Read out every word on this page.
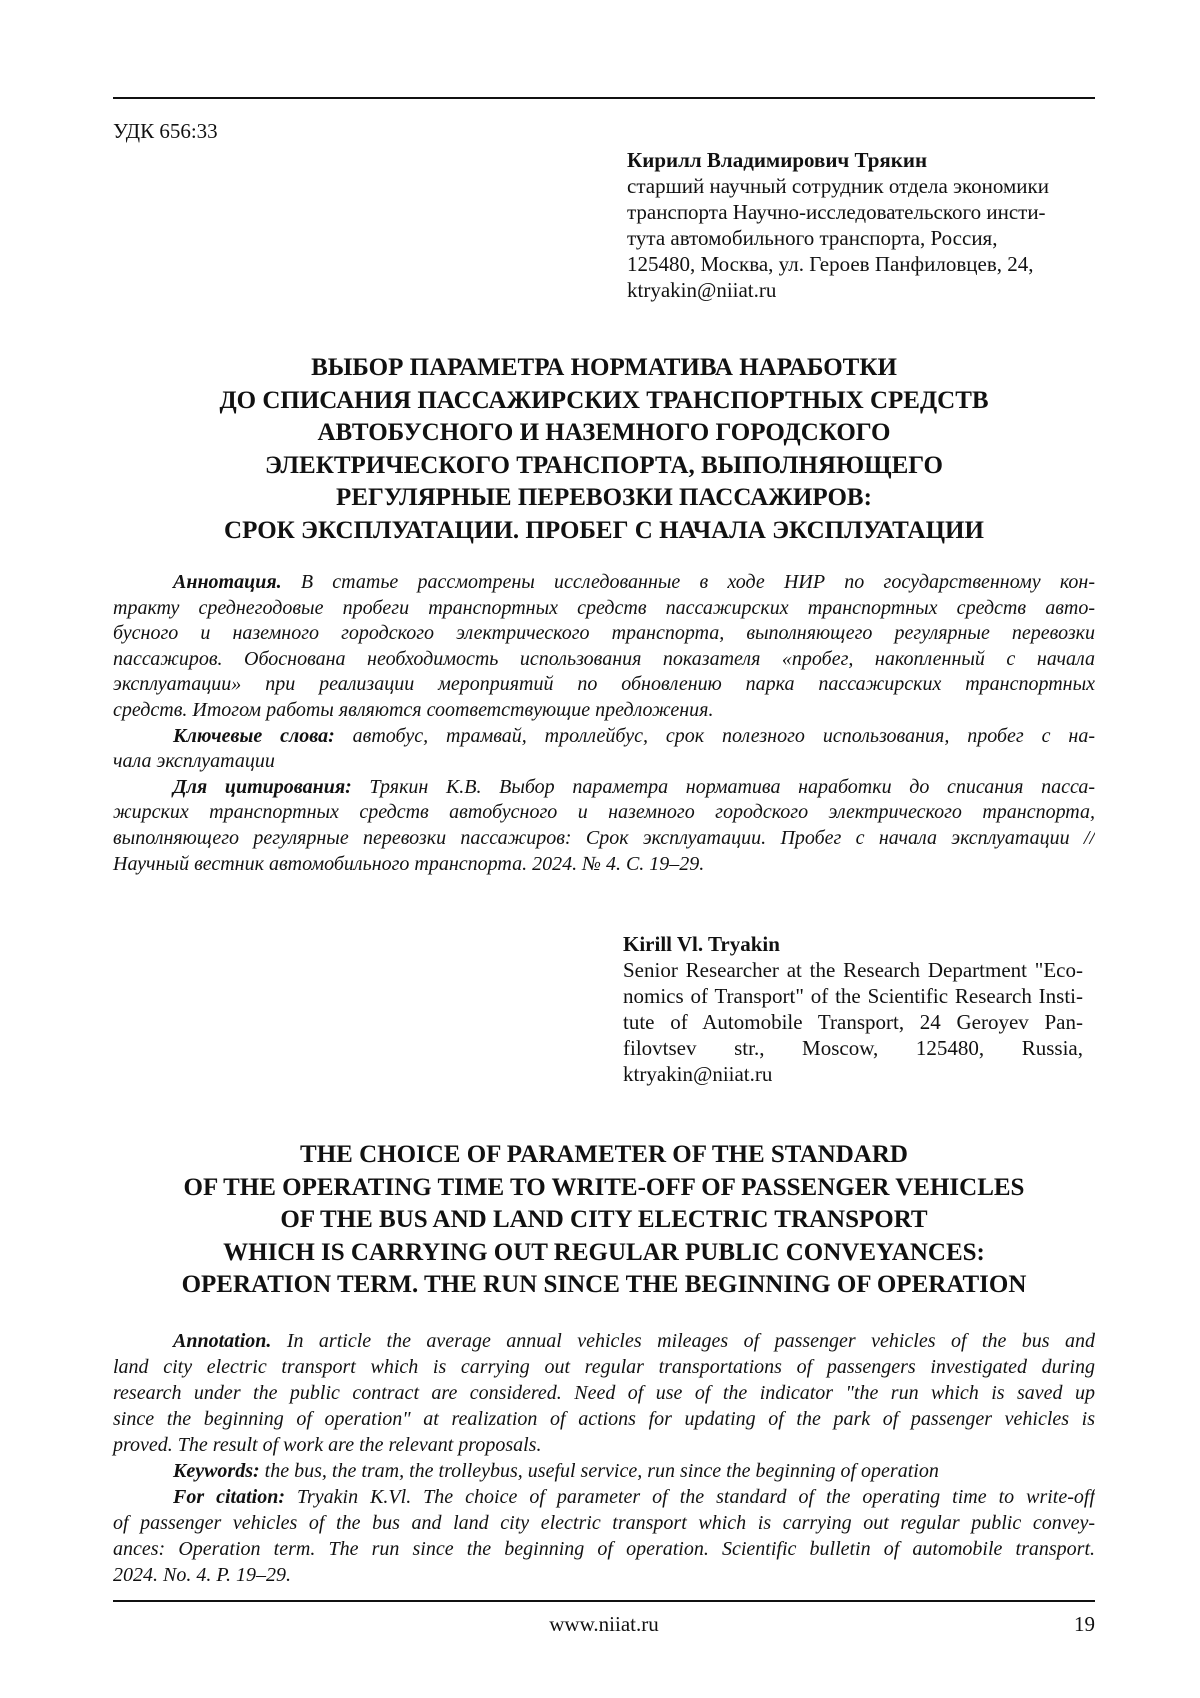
УДК 656:33
Кирилл Владимирович Трякин
старший научный сотрудник отдела экономики
транспорта Научно-исследовательского инсти-
тута автомобильного транспорта, Россия,
125480, Москва, ул. Героев Панфиловцев, 24,
ktryakin@niiat.ru
ВЫБОР ПАРАМЕТРА НОРМАТИВА НАРАБОТКИ
ДО СПИСАНИЯ ПАССАЖИРСКИХ ТРАНСПОРТНЫХ СРЕДСТВ
АВТОБУСНОГО И НАЗЕМНОГО ГОРОДСКОГО
ЭЛЕКТРИЧЕСКОГО ТРАНСПОРТА, ВЫПОЛНЯЮЩЕГО
РЕГУЛЯРНЫЕ ПЕРЕВОЗКИ ПАССАЖИРОВ:
СРОК ЭКСПЛУАТАЦИИ. ПРОБЕГ С НАЧАЛА ЭКСПЛУАТАЦИИ
Аннотация. В статье рассмотрены исследованные в ходе НИР по государственному кон-
тракту среднегодовые пробеги транспортных средств пассажирских транспортных средств авто-
бусного и наземного городского электрического транспорта, выполняющего регулярные перевозки
пассажиров. Обоснована необходимость использования показателя «пробег, накопленный с начала
эксплуатации» при реализации мероприятий по обновлению парка пассажирских транспортных
средств. Итогом работы являются соответствующие предложения.
Ключевые слова: автобус, трамвай, троллейбус, срок полезного использования, пробег с на-
чала эксплуатации
Для цитирования: Трякин К.В. Выбор параметра норматива наработки до списания пасса-
жирских транспортных средств автобусного и наземного городского электрического транспорта,
выполняющего регулярные перевозки пассажиров: Срок эксплуатации. Пробег с начала эксплуатации //
Научный вестник автомобильного транспорта. 2024. № 4. С. 19–29.
Kirill Vl. Tryakin
Senior Researcher at the Research Department "Eco-
nomics of Transport" of the Scientific Research Insti-
tute of Automobile Transport, 24 Geroyev Pan-
filovtsev str., Moscow, 125480, Russia,
ktryakin@niiat.ru
THE CHOICE OF PARAMETER OF THE STANDARD
OF THE OPERATING TIME TO WRITE-OFF OF PASSENGER VEHICLES
OF THE BUS AND LAND CITY ELECTRIC TRANSPORT
WHICH IS CARRYING OUT REGULAR PUBLIC CONVEYANCES:
OPERATION TERM. THE RUN SINCE THE BEGINNING OF OPERATION
Annotation. In article the average annual vehicles mileages of passenger vehicles of the bus and
land city electric transport which is carrying out regular transportations of passengers investigated during
research under the public contract are considered. Need of use of the indicator "the run which is saved up
since the beginning of operation" at realization of actions for updating of the park of passenger vehicles is
proved. The result of work are the relevant proposals.
Keywords: the bus, the tram, the trolleybus, useful service, run since the beginning of operation
For citation: Tryakin K.Vl. The choice of parameter of the standard of the operating time to write-off
of passenger vehicles of the bus and land city electric transport which is carrying out regular public convey-
ances: Operation term. The run since the beginning of operation. Scientific bulletin of automobile transport.
2024. No. 4. P. 19–29.
www.niiat.ru	19
